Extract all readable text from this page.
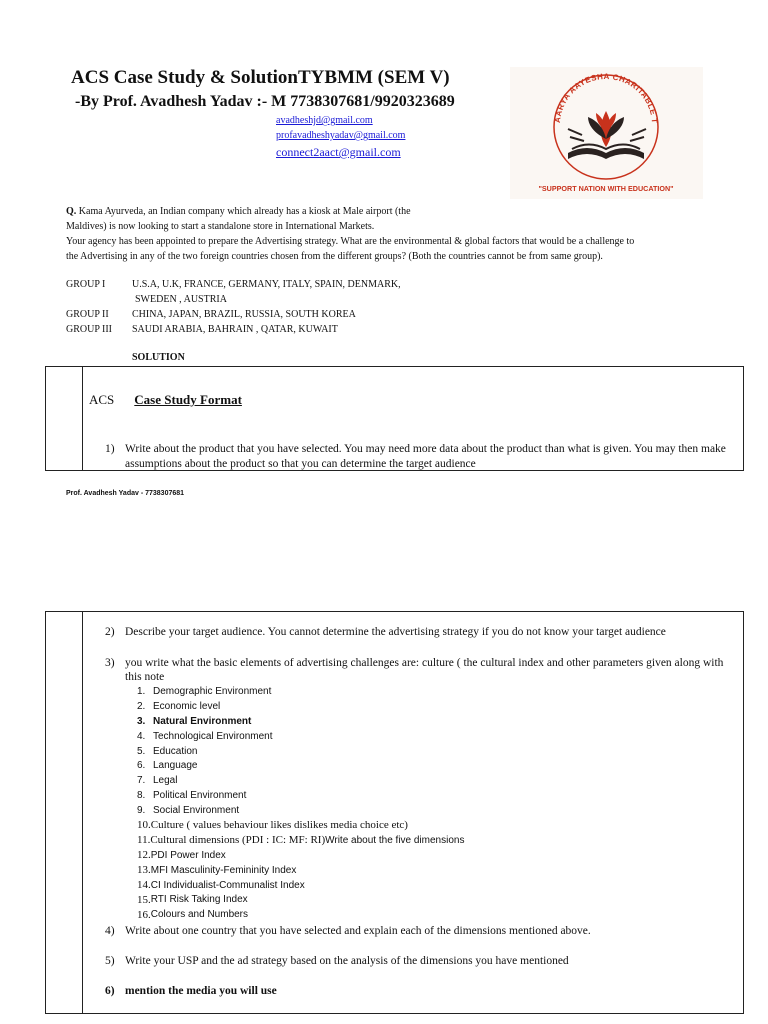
ACS Case Study & SolutionTYBMM (SEM V)
-By Prof. Avadhesh Yadav :- M 7738307681/9920323689
avadheshjd@gmail.com
profavadheshyadav@gmail.com
connect2aact@gmail.com
AARYA AAYESHA CHARITABLE T
"SUPPORT NATION WITH EDUCATION"
Q. Kama Ayurveda, an Indian company which already has a kiosk at Male airport (the
Maldives) is now looking to start a standalone store in International Markets.
Your agency has been appointed to prepare the Advertising strategy. What are the environmental & global factors that would be a challenge to
the Advertising in any of the two foreign countries chosen from the different groups? (Both the countries cannot be from same group).
GROUP I	U.S.A, U.K, FRANCE, GERMANY, ITALY, SPAIN, DENMARK,
SWEDEN , AUSTRIA
GROUP II	CHINA, JAPAN, BRAZIL, RUSSIA, SOUTH KOREA
GROUP III	SAUDI ARABIA, BAHRAIN , QATAR, KUWAIT
SOLUTION
ACS Case Study Format
1) Write about the product that you have selected. You may need more data about the product than what is given. You may then make assumptions about the product so that you can determine the target audience
Prof. Avadhesh Yadav - 7738307681
2) Describe your target audience. You cannot determine the advertising strategy if you do not know your target audience
3) you write what the basic elements of advertising challenges are: culture ( the cultural index and other parameters given along with this note
1. Demographic Environment
2. Economic level
3. Natural Environment
4. Technological Environment
5. Education
6. Language
7. Legal
8. Political Environment
9. Social Environment
10. Culture ( values behaviour likes dislikes media choice etc)
11. Cultural dimensions (PDI : IC: MF: RI) Write about the five dimensions
12. PDI Power Index
13. MFI Masculinity-Femininity Index
14. CI Individualist-Communalist Index
15. RTI Risk Taking Index
16. Colours and Numbers
4) Write about one country that you have selected and explain each of the dimensions mentioned above.
5) Write your USP and the ad strategy based on the analysis of the dimensions you have mentioned
6) mention the media you will use
